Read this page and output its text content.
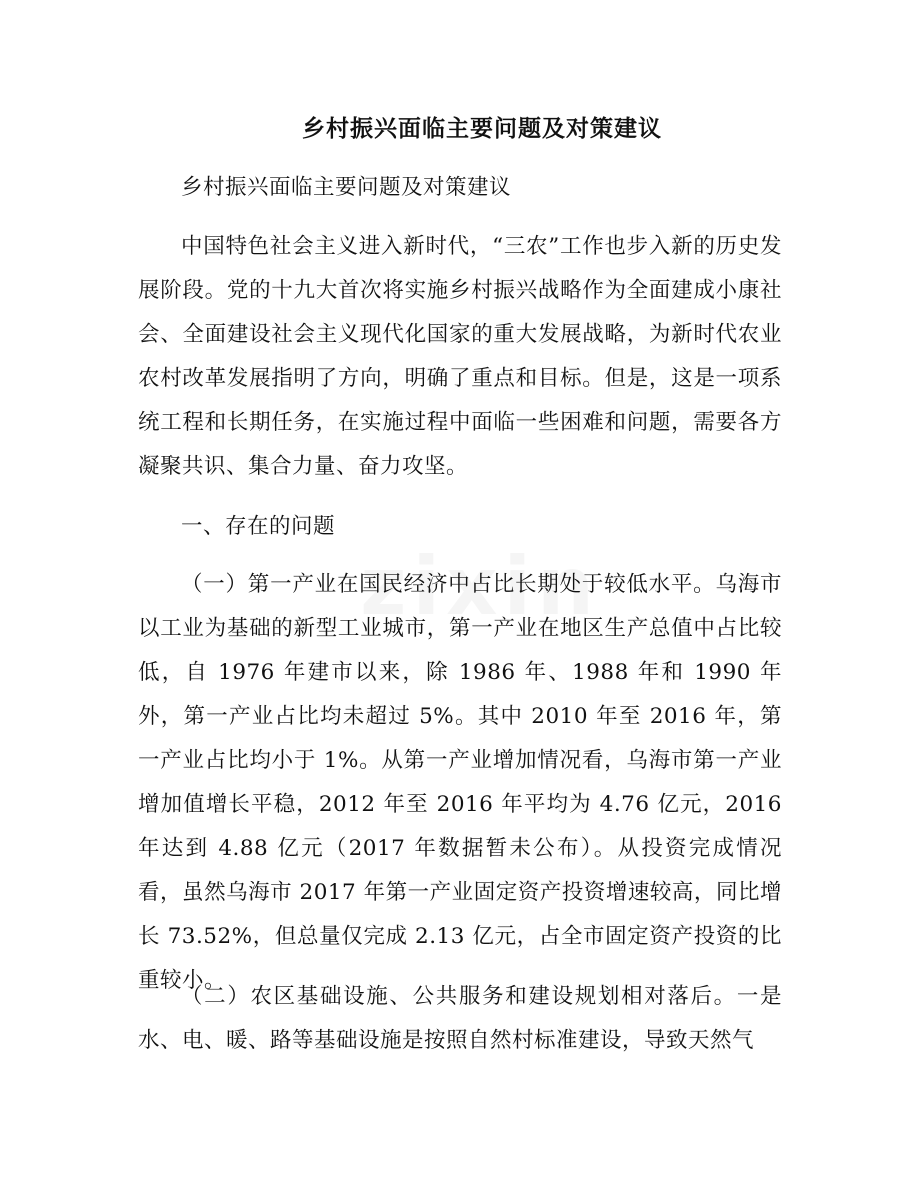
乡村振兴面临主要问题及对策建议

乡村振兴面临主要问题及对策建议

中国特色社会主义进入新时代，“三农”工作也步入新的历史发展阶段。党的十九大首次将实施乡村振兴战略作为全面建成小康社会、全面建设社会主义现代化国家的重大发展战略，为新时代农业农村改革发展指明了方向，明确了重点和目标。但是，这是一项系统工程和长期任务，在实施过程中面临一些困难和问题，需要各方凝聚共识、集合力量、奋力攻坚。

一、存在的问题

（一）第一产业在国民经济中占比长期处于较低水平。乌海市以工业为基础的新型工业城市，第一产业在地区生产总值中占比较低，自 1976 年建市以来，除 1986 年、1988 年和 1990 年外，第一产业占比均未超过 5%。其中 2010 年至 2016 年，第一产业占比均小于 1%。从第一产业增加情况看，乌海市第一产业增加值增长平稳，2012 年至 2016 年平均为 4.76 亿元，2016 年达到 4.88 亿元（2017 年数据暂未公布）。从投资完成情况看，虽然乌海市 2017 年第一产业固定资产投资增速较高，同比增长 73.52%，但总量仅完成 2.13 亿元，占全市固定资产投资的比重较小。

（二）农区基础设施、公共服务和建设规划相对落后。一是水、电、暖、路等基础设施是按照自然村标准建设，导致天然气
